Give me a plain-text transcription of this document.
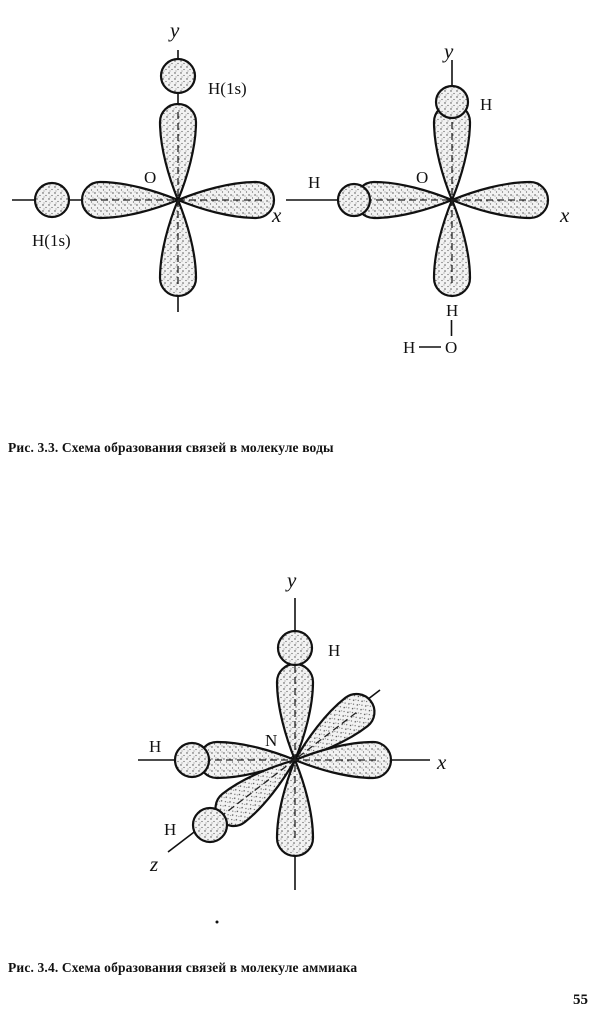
y
x
O
H(1s)
H(1s)
y
x
O
H
H
H
H O
Рис. 3.3. Схема образования связей в молекуле воды
y
x
z
N
H
H
H
Рис. 3.4. Схема образования связей в молекуле аммиака
55
